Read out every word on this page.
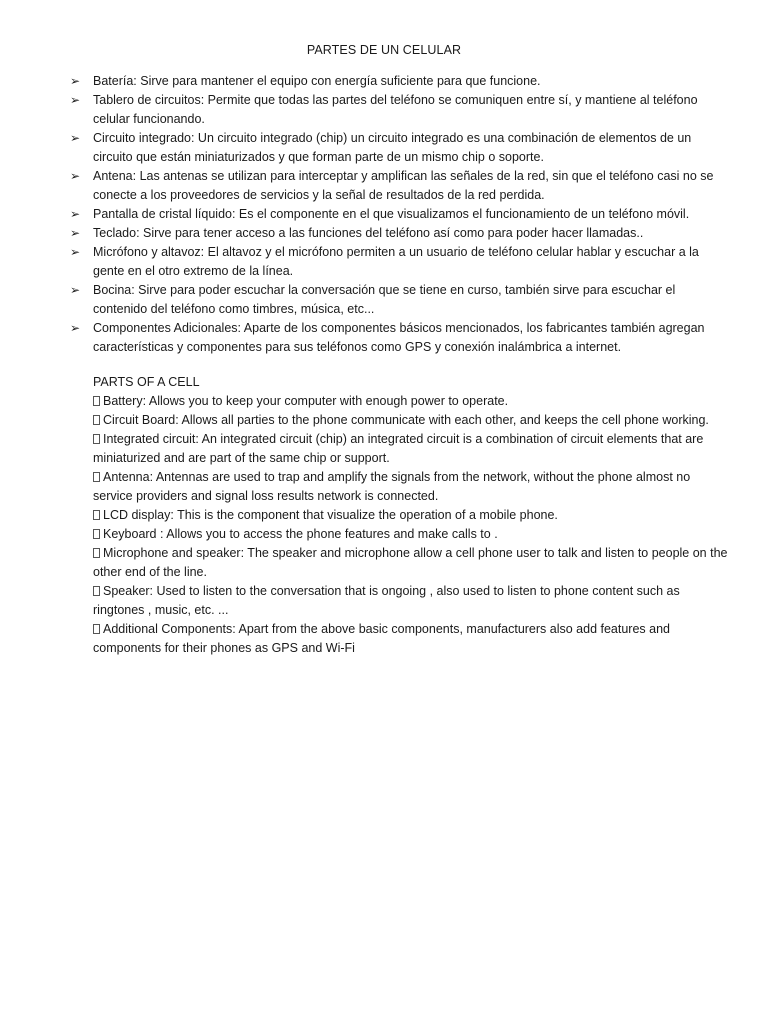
PARTES DE UN CELULAR
➢	Batería: Sirve para mantener el equipo con energía suficiente para que funcione.
➢	Tablero de circuitos: Permite que todas las partes del teléfono se comuniquen entre sí, y mantiene al teléfono celular funcionando.
➢	Circuito integrado: Un circuito integrado (chip) un circuito integrado es una combinación de elementos de un circuito que están miniaturizados y que forman parte de un mismo chip o soporte.
➢	Antena: Las antenas se utilizan para interceptar y amplifican las señales de la red, sin que el teléfono casi no se conecte a los proveedores de servicios y la señal de resultados de la red perdida.
➢	Pantalla de cristal líquido: Es el componente en el que visualizamos el funcionamiento de un teléfono móvil.
➢	Teclado: Sirve para tener acceso a las funciones del teléfono así como para poder hacer llamadas..
➢	Micrófono y altavoz: El altavoz y el micrófono permiten a un usuario de teléfono celular hablar y escuchar a la gente en el otro extremo de la línea.
➢	Bocina: Sirve para poder escuchar la conversación que se tiene en curso, también sirve para escuchar el contenido del teléfono como timbres, música, etc...
➢	Componentes Adicionales: Aparte de los componentes básicos mencionados, los fabricantes también agregan características y componentes para sus teléfonos como GPS y conexión inalámbrica a internet.
PARTS OF A CELL
Battery: Allows you to keep your computer with enough power to operate.
Circuit Board: Allows all parties to the phone communicate with each other, and keeps the cell phone working.
Integrated circuit: An integrated circuit (chip) an integrated circuit is a combination of circuit elements that are miniaturized and are part of the same chip or support.
Antenna: Antennas are used to trap and amplify the signals from the network, without the phone almost no service providers and signal loss results network is connected.
LCD display: This is the component that visualize the operation of a mobile phone.
Keyboard : Allows you to access the phone features and make calls to .
Microphone and speaker: The speaker and microphone allow a cell phone user to talk and listen to people on the other end of the line.
Speaker: Used to listen to the conversation that is ongoing , also used to listen to phone content such as ringtones , music, etc. ...
Additional Components: Apart from the above basic components, manufacturers also add features and components for their phones as GPS and Wi-Fi
